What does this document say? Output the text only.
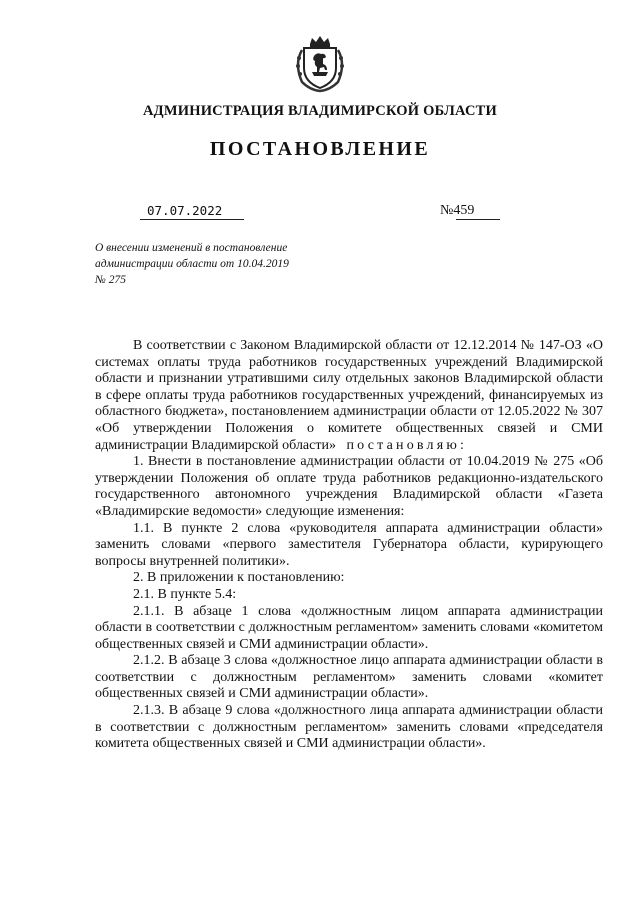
АДМИНИСТРАЦИЯ ВЛАДИМИРСКОЙ ОБЛАСТИ
ПОСТАНОВЛЕНИЕ
07.07.2022	№459
О внесении изменений в постановление
администрации области от 10.04.2019
№ 275

В соответствии с Законом Владимирской области от 12.12.2014 № 147-ОЗ «О системах оплаты труда работников государственных учреждений Владимирской области и признании утратившими силу отдельных законов Владимирской области в сфере оплаты труда работников государственных учреждений, финансируемых из областного бюджета», постановлением администрации области от 12.05.2022 № 307 «Об утверждении Положения о комитете общественных связей и СМИ администрации Владимирской области» постановляю:

1. Внести в постановление администрации области от 10.04.2019 № 275 «Об утверждении Положения об оплате труда работников редакционно-издательского государственного автономного учреждения Владимирской области «Газета «Владимирские ведомости» следующие изменения:

1.1. В пункте 2 слова «руководителя аппарата администрации области» заменить словами «первого заместителя Губернатора области, курирующего вопросы внутренней политики».

2. В приложении к постановлению:

2.1. В пункте 5.4:

2.1.1. В абзаце 1 слова «должностным лицом аппарата администрации области в соответствии с должностным регламентом» заменить словами «комитетом общественных связей и СМИ администрации области».

2.1.2. В абзаце 3 слова «должностное лицо аппарата администрации области в соответствии с должностным регламентом» заменить словами «комитет общественных связей и СМИ администрации области».

2.1.3. В абзаце 9 слова «должностного лица аппарата администрации области в соответствии с должностным регламентом» заменить словами «председателя комитета общественных связей и СМИ администрации области».
